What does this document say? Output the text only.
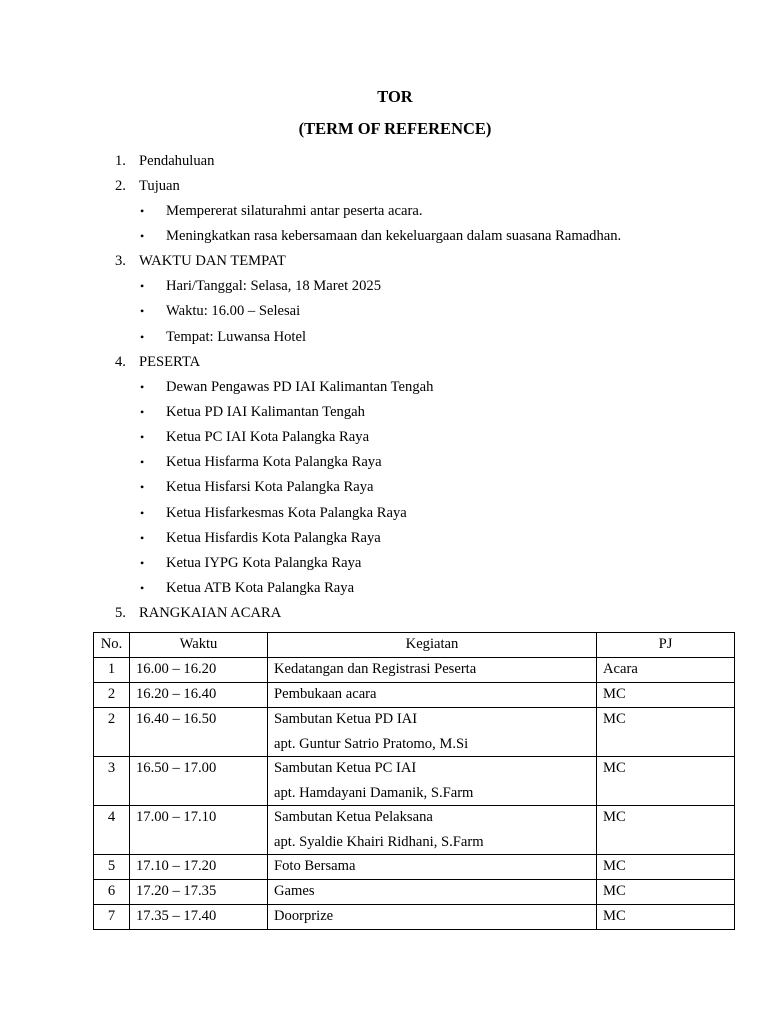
TOR
(TERM OF REFERENCE)
1. Pendahuluan
2. Tujuan
• Mempererat silaturahmi antar peserta acara.
• Meningkatkan rasa kebersamaan dan kekeluargaan dalam suasana Ramadhan.
3. WAKTU DAN TEMPAT
• Hari/Tanggal: Selasa, 18 Maret 2025
• Waktu: 16.00 – Selesai
• Tempat: Luwansa Hotel
4. PESERTA
• Dewan Pengawas PD IAI Kalimantan Tengah
• Ketua PD IAI Kalimantan Tengah
• Ketua PC IAI Kota Palangka Raya
• Ketua Hisfarma Kota Palangka Raya
• Ketua Hisfarsi Kota Palangka Raya
• Ketua Hisfarkesmas Kota Palangka Raya
• Ketua Hisfardis Kota Palangka Raya
• Ketua IYPG Kota Palangka Raya
• Ketua ATB Kota Palangka Raya
5. RANGKAIAN ACARA
No.	Waktu	Kegiatan	PJ
1	16.00 – 16.20	Kedatangan dan Registrasi Peserta	Acara
2	16.20 – 16.40	Pembukaan acara	MC
2	16.40 – 16.50	Sambutan Ketua PD IAI
apt. Guntur Satrio Pratomo, M.Si	MC
3	16.50 – 17.00	Sambutan Ketua PC IAI
apt. Hamdayani Damanik, S.Farm	MC
4	17.00 – 17.10	Sambutan Ketua Pelaksana
apt. Syaldie Khairi Ridhani, S.Farm	MC
5	17.10 – 17.20	Foto Bersama	MC
6	17.20 – 17.35	Games	MC
7	17.35 – 17.40	Doorprize	MC
